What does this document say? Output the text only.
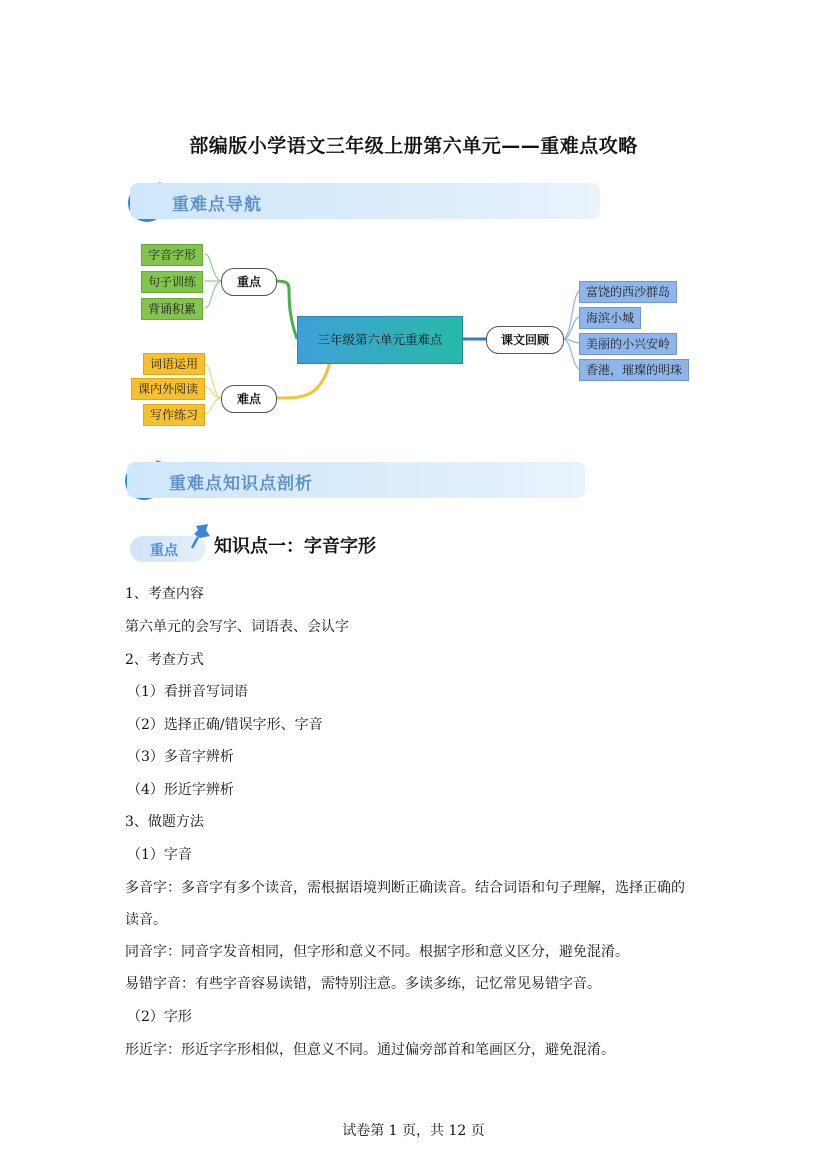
部编版小学语文三年级上册第六单元——重难点攻略
重难点导航
字音字形
句子训练
背诵积累
重点
词语运用
课内外阅读
写作练习
难点
三年级第六单元重难点	课文回顾
富饶的西沙群岛
海滨小城
美丽的小兴安岭
香港，璀璨的明珠
重难点知识点剖析
重点 知识点一：字音字形
1、考查内容
第六单元的会写字、词语表、会认字
2、考查方式
（1）看拼音写词语
（2）选择正确/错误字形、字音
（3）多音字辨析
（4）形近字辨析
3、做题方法
（1）字音
多音字：多音字有多个读音，需根据语境判断正确读音。结合词语和句子理解，选择正确的
读音。
同音字：同音字发音相同，但字形和意义不同。根据字形和意义区分，避免混淆。
易错字音：有些字音容易读错，需特别注意。多读多练，记忆常见易错字音。
（2）字形
形近字：形近字字形相似，但意义不同。通过偏旁部首和笔画区分，避免混淆。
试卷第 1 页，共 12 页
